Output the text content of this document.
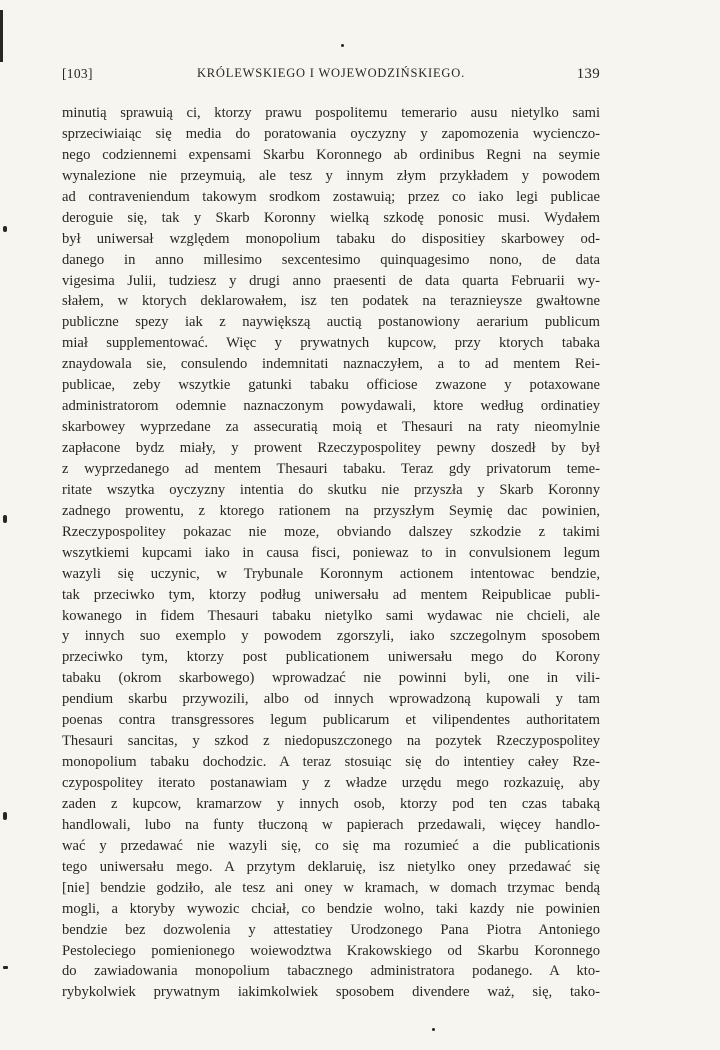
[103]	KRÓLEWSKIEGO I WOJEWODZIŃSKIEGO.	139
minutią sprawuią ci, ktorzy prawu pospolitemu temerario ausu nietylko sami
sprzeciwiaiąc się media do poratowania oyczyzny y zapomozenia wycienczo-
nego codziennemi expensami Skarbu Koronnego ab ordinibus Regni na seymie
wynalezione nie przeymuią, ale tesz y innym złym przykładem y powodem
ad contraveniendum takowym srodkom zostawuią; przez co iako legi publicae
deroguie się, tak y Skarb Koronny wielką szkodę ponosic musi. Wydałem
był uniwersał względem monopolium tabaku do dispositiey skarbowey od-
danego in anno millesimo sexcentesimo quinquagesimo nono, de data
vigesima Julii, tudziesz y drugi anno praesenti de data quarta Februarii wy-
słałem, w ktorych deklarowałem, isz ten podatek na teraznieysze gwałtowne
publiczne spezy iak z naywiększą auctią postanowiony aerarium publicum
miał supplementować. Więc y prywatnych kupcow, przy ktorych tabaka
znaydowala sie, consulendo indemnitati naznaczyłem, a to ad mentem Rei-
publicae, zeby wszytkie gatunki tabaku officiose zwazone y potaxowane
administratorom odemnie naznaczonym powydawali, ktore według ordinatiey
skarbowey wyprzedane za assecuratią moią et Thesauri na raty nieomylnie
zapłacone bydz miały, y prowent Rzeczypospolitey pewny doszedł by był
z wyprzedanego ad mentem Thesauri tabaku. Teraz gdy privatorum teme-
ritate wszytka oyczyzny intentia do skutku nie przyszła y Skarb Koronny
zadnego prowentu, z ktorego rationem na przyszłym Seymię dac powinien,
Rzeczypospolitey pokazac nie moze, obviando dalszey szkodzie z takimi
wszytkiemi kupcami iako in causa fisci, poniewaz to in convulsionem legum
wazyli się uczynic, w Trybunale Koronnym actionem intentowac bendzie,
tak przeciwko tym, ktorzy podług uniwersału ad mentem Reipublicae publi-
kowanego in fidem Thesauri tabaku nietylko sami wydawac nie chcieli, ale
y innych suo exemplo y powodem zgorszyli, iako szczegolnym sposobem
przeciwko tym, ktorzy post publicationem uniwersału mego do Korony
tabaku (okrom skarbowego) wprowadzać nie powinni byli, one in vili-
pendium skarbu przywozili, albo od innych wprowadzoną kupowali y tam
poenas contra transgressores legum publicarum et vilipendentes authoritatem
Thesauri sancitas, y szkod z niedopuszczonego na pozytek Rzeczypospolitey
monopolium tabaku dochodzic. A teraz stosuiąc się do intentiey całey Rze-
czypospolitey iterato postanawiam y z władze urzędu mego rozkazuię, aby
zaden z kupcow, kramarzow y innych osob, ktorzy pod ten czas tabaką
handlowali, lubo na funty tłuczoną w papierach przedawali, więcey handlo-
wać y przedawać nie wazyli się, co się ma rozumieć a die publicationis
tego uniwersału mego. A przytym deklaruię, isz nietylko oney przedawać się
[nie] bendzie godziło, ale tesz ani oney w kramach, w domach trzymac bendą
mogli, a ktoryby wywozic chciał, co bendzie wolno, taki kazdy nie powinien
bendzie bez dozwolenia y attestatiey Urodzonego Pana Piotra Antoniego
Pestoleciego pomienionego woiewodztwa Krakowskiego od Skarbu Koronnego
do zawiadowania monopolium tabacznego administratora podanego. A kto-
rybykolwiek prywatnym iakimkolwiek sposobem divendere waż, się, tako-
